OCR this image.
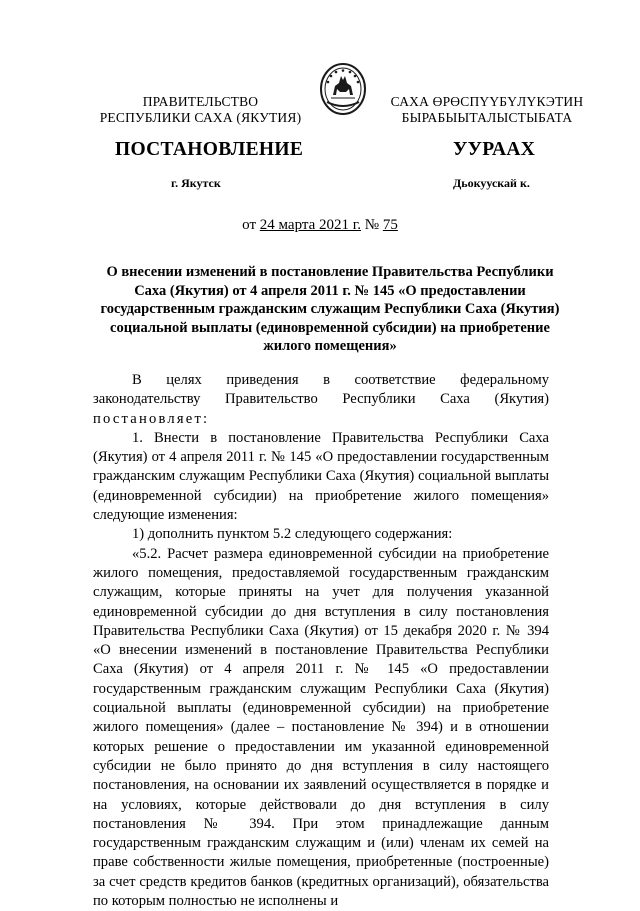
ПРАВИТЕЛЬСТВО
РЕСПУБЛИКИ САХА (ЯКУТИЯ)
САХА ӨРӨСПҮҮБҮЛҮКЭТИН
БЫРАБЫЫТАЛЫСТЫБАТА
ПОСТАНОВЛЕНИЕ	УУРААХ
г. Якутск	Дьокуускай к.
от 24 марта 2021 г. № 75
О внесении изменений в постановление Правительства Республики Саха (Якутия) от 4 апреля 2011 г. № 145 «О предоставлении государственным гражданским служащим Республики Саха (Якутия) социальной выплаты (единовременной субсидии) на приобретение жилого помещения»

В целях приведения в соответствие федеральному законодательству Правительство Республики Саха (Якутия) постановляет:

1. Внести в постановление Правительства Республики Саха (Якутия) от 4 апреля 2011 г. № 145 «О предоставлении государственным гражданским служащим Республики Саха (Якутия) социальной выплаты (единовременной субсидии) на приобретение жилого помещения» следующие изменения:

1) дополнить пунктом 5.2 следующего содержания:

«5.2. Расчет размера единовременной субсидии на приобретение жилого помещения, предоставляемой государственным гражданским служащим, которые приняты на учет для получения указанной единовременной субсидии до дня вступления в силу постановления Правительства Республики Саха (Якутия) от 15 декабря 2020 г. № 394 «О внесении изменений в постановление Правительства Республики Саха (Якутия) от 4 апреля 2011 г. № 145 «О предоставлении государственным гражданским служащим Республики Саха (Якутия) социальной выплаты (единовременной субсидии) на приобретение жилого помещения» (далее – постановление № 394) и в отношении которых решение о предоставлении им указанной единовременной субсидии не было принято до дня вступления в силу настоящего постановления, на основании их заявлений осуществляется в порядке и на условиях, которые действовали до дня вступления в силу постановления № 394. При этом принадлежащие данным государственным гражданским служащим и (или) членам их семей на праве собственности жилые помещения, приобретенные (построенные) за счет средств кредитов банков (кредитных организаций), обязательства по которым полностью не исполнены и
